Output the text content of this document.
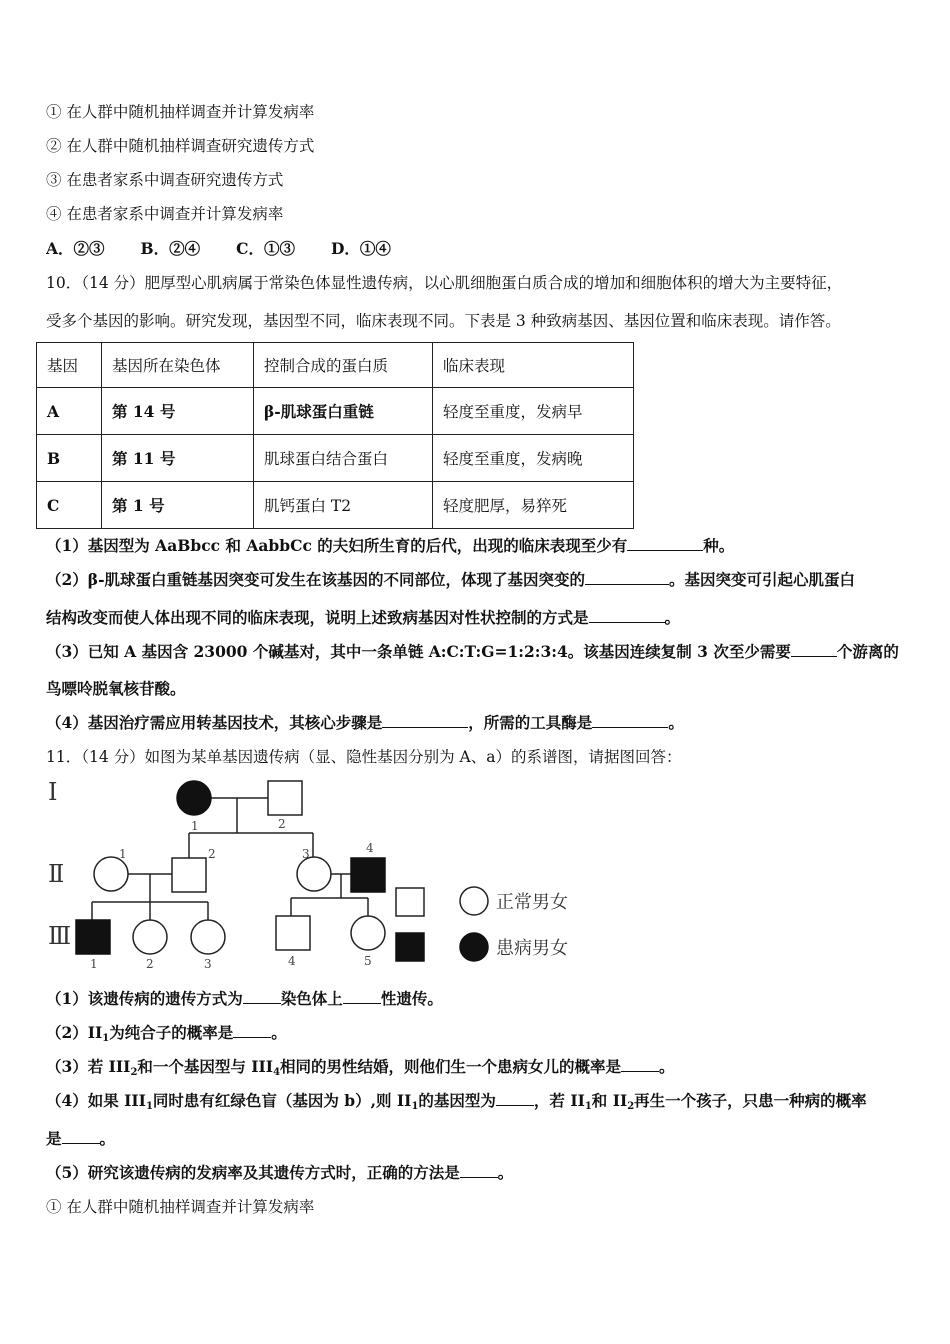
① 在人群中随机抽样调查并计算发病率
② 在人群中随机抽样调查研究遗传方式
③ 在患者家系中调查研究遗传方式
④ 在患者家系中调查并计算发病率
A．②③ B．②④ C．①③ D．①④
10．（14 分）肥厚型心肌病属于常染色体显性遗传病，以心肌细胞蛋白质合成的增加和细胞体积的增大为主要特征，
受多个基因的影响。研究发现，基因型不同，临床表现不同。下表是 3 种致病基因、基因位置和临床表现。请作答。
基因	基因所在染色体	控制合成的蛋白质	临床表现
A	第 14 号	β-肌球蛋白重链	轻度至重度，发病早
B	第 11 号	肌球蛋白结合蛋白	轻度至重度，发病晚
C	第 1 号	肌钙蛋白 T2	轻度肥厚，易猝死
（1）基因型为 AaBbcc 和 AabbCc 的夫妇所生育的后代，出现的临床表现至少有	种。
（2）β-肌球蛋白重链基因突变可发生在该基因的不同部位，体现了基因突变的	。基因突变可引起心肌蛋白
结构改变而使人体出现不同的临床表现，说明上述致病基因对性状控制的方式是	。
（3）已知 A 基因含 23000 个碱基对，其中一条单链 A:C:T:G=1:2:3:4。该基因连续复制 3 次至少需要	个游离的
鸟嘌呤脱氧核苷酸。
（4）基因治疗需应用转基因技术，其核心步骤是	，所需的工具酶是	。
11．（14 分）如图为某单基因遗传病（显、隐性基因分别为 A、a）的系谱图，请据图回答：
Ⅰ
Ⅱ
Ⅲ
1	2
1	2	3	4
1	2	3	4	5
正常男女
患病男女
（1）该遗传病的遗传方式为 染色体上 性遗传。
$(2)II_1$为纯合子的概率是 。
（3）若 $III_2$和一个基因型与 $III_4$相同的男性结婚，则他们生一个患病女儿的概率是 。
（4）如果 $III_1$同时患有红绿色盲（基因为 b）,则 $II_1$的基因型为 ，若 $II_1$和 $II_2$再生一个孩子，只患一种病的概率
是 。
（5）研究该遗传病的发病率及其遗传方式时，正确的方法是 。
① 在人群中随机抽样调查并计算发病率
